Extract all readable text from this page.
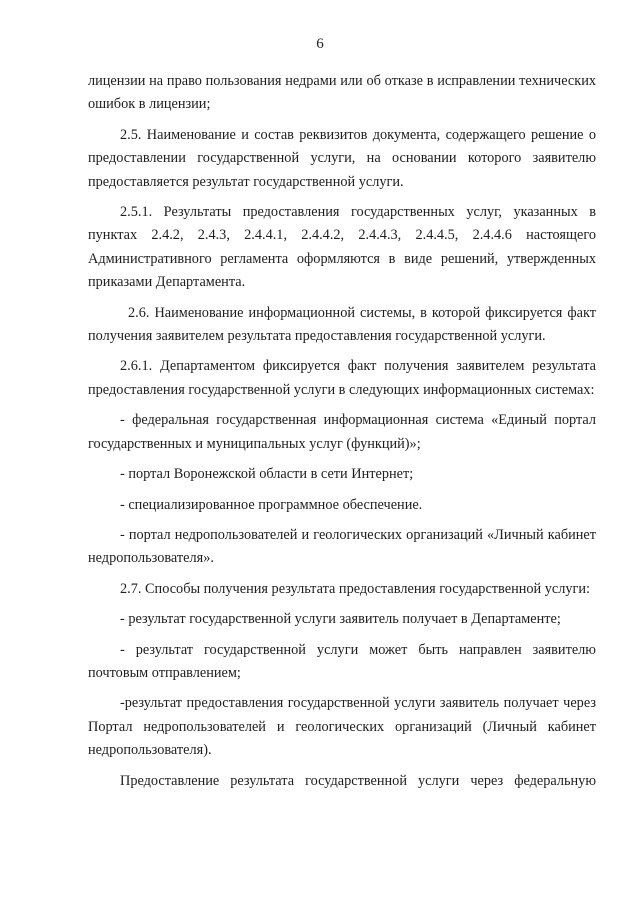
6

лицензии на право пользования недрами или об отказе в исправлении технических ошибок в лицензии;

2.5. Наименование и состав реквизитов документа, содержащего решение о предоставлении государственной услуги, на основании которого заявителю предоставляется результат государственной услуги.

2.5.1. Результаты предоставления государственных услуг, указанных в пунктах 2.4.2, 2.4.3, 2.4.4.1, 2.4.4.2, 2.4.4.3, 2.4.4.5, 2.4.4.6 настоящего Административного регламента оформляются в виде решений, утвержденных приказами Департамента.

2.6. Наименование информационной системы, в которой фиксируется факт получения заявителем результата предоставления государственной услуги.

2.6.1. Департаментом фиксируется факт получения заявителем результата предоставления государственной услуги в следующих информационных системах:

- федеральная государственная информационная система «Единый портал государственных и муниципальных услуг (функций)»;

- портал Воронежской области в сети Интернет;

- специализированное программное обеспечение.

- портал недропользователей и геологических организаций «Личный кабинет недропользователя».

2.7. Способы получения результата предоставления государственной услуги:

- результат государственной услуги заявитель получает в Департаменте;

- результат государственной услуги может быть направлен заявителю почтовым отправлением;

-результат предоставления государственной услуги заявитель получает через Портал недропользователей и геологических организаций (Личный кабинет недропользователя).

Предоставление результата государственной услуги через федеральную
